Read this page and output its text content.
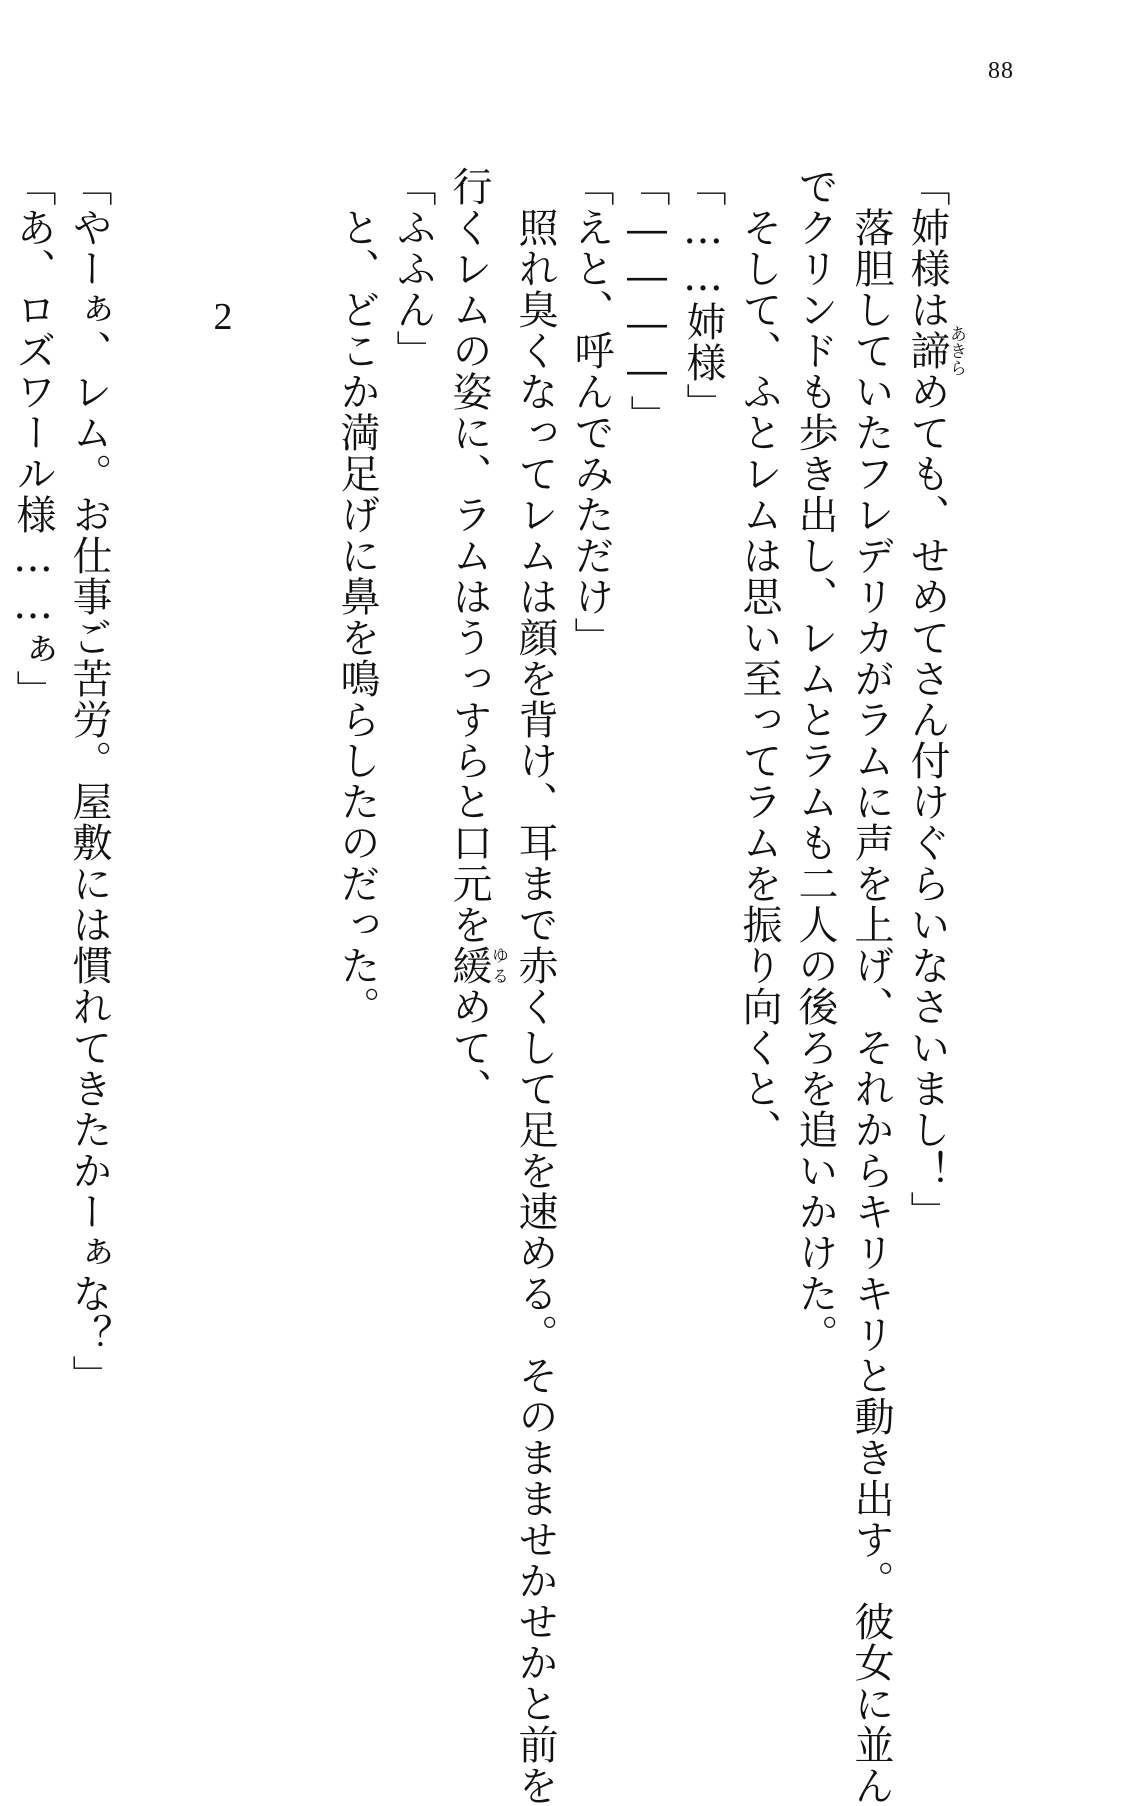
88
「姉様は諦あきらめても、せめてさん付けぐらいなさいまし！」
　落胆していたフレデリカがラムに声を上げ、それからキリキリと動き出す。彼女に並ん
でクリンドも歩き出し、レムとラムも二人の後ろを追いかけた。
　そして、ふとレムは思い至ってラムを振り向くと、
「……姉様」
「――――」
「えと、呼んでみただけ」
　照れ臭くなってレムは顔を背け、耳まで赤くして足を速める。そのまませかせかと前を
行くレムの姿に、ラムはうっすらと口元を緩ゆるめて、
「ふふん」
　と、どこか満足げに鼻を鳴らしたのだった。
2
「やーぁ、レム。お仕事ご苦労。屋敷には慣れてきたかーぁな？」
「あ、ロズワール様……ぁ」
